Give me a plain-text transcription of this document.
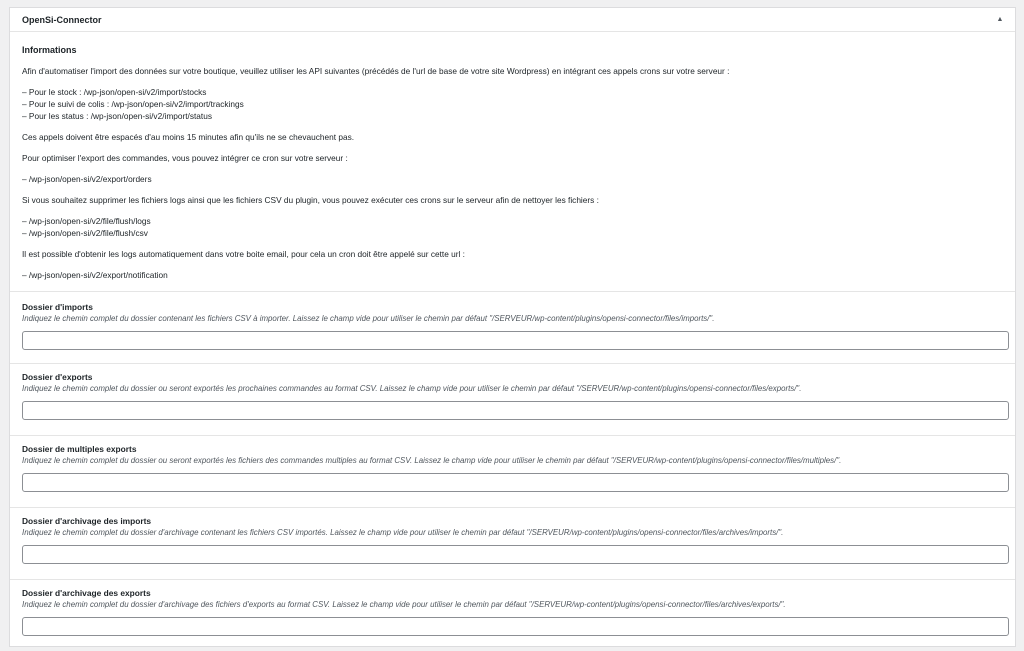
OpenSi-Connector	▲
Informations

Afin d'automatiser l'import des données sur votre boutique, veuillez utiliser les API suivantes (précédés de l'url de base de votre site Wordpress) en intégrant ces appels crons sur votre serveur :

– Pour le stock : /wp-json/open-si/v2/import/stocks
– Pour le suivi de colis : /wp-json/open-si/v2/import/trackings
– Pour les status : /wp-json/open-si/v2/import/status

Ces appels doivent être espacés d'au moins 15 minutes afin qu'ils ne se chevauchent pas.

Pour optimiser l'export des commandes, vous pouvez intégrer ce cron sur votre serveur :

– /wp-json/open-si/v2/export/orders

Si vous souhaitez supprimer les fichiers logs ainsi que les fichiers CSV du plugin, vous pouvez exécuter ces crons sur le serveur afin de nettoyer les fichiers :

– /wp-json/open-si/v2/file/flush/logs
– /wp-json/open-si/v2/file/flush/csv

Il est possible d'obtenir les logs automatiquement dans votre boite email, pour cela un cron doit être appelé sur cette url :

– /wp-json/open-si/v2/export/notification

Dossier d'imports
Indiquez le chemin complet du dossier contenant les fichiers CSV à importer. Laissez le champ vide pour utiliser le chemin par défaut "/SERVEUR/wp-content/plugins/opensi-connector/files/imports/".
Dossier d'exports
Indiquez le chemin complet du dossier ou seront exportés les prochaines commandes au format CSV. Laissez le champ vide pour utiliser le chemin par défaut "/SERVEUR/wp-content/plugins/opensi-connector/files/exports/".
Dossier de multiples exports
Indiquez le chemin complet du dossier ou seront exportés les fichiers des commandes multiples au format CSV. Laissez le champ vide pour utiliser le chemin par défaut "/SERVEUR/wp-content/plugins/opensi-connector/files/multiples/".
Dossier d'archivage des imports
Indiquez le chemin complet du dossier d'archivage contenant les fichiers CSV importés. Laissez le champ vide pour utiliser le chemin par défaut "/SERVEUR/wp-content/plugins/opensi-connector/files/archives/imports/".
Dossier d'archivage des exports
Indiquez le chemin complet du dossier d'archivage des fichiers d'exports au format CSV. Laissez le champ vide pour utiliser le chemin par défaut "/SERVEUR/wp-content/plugins/opensi-connector/files/archives/exports/".
